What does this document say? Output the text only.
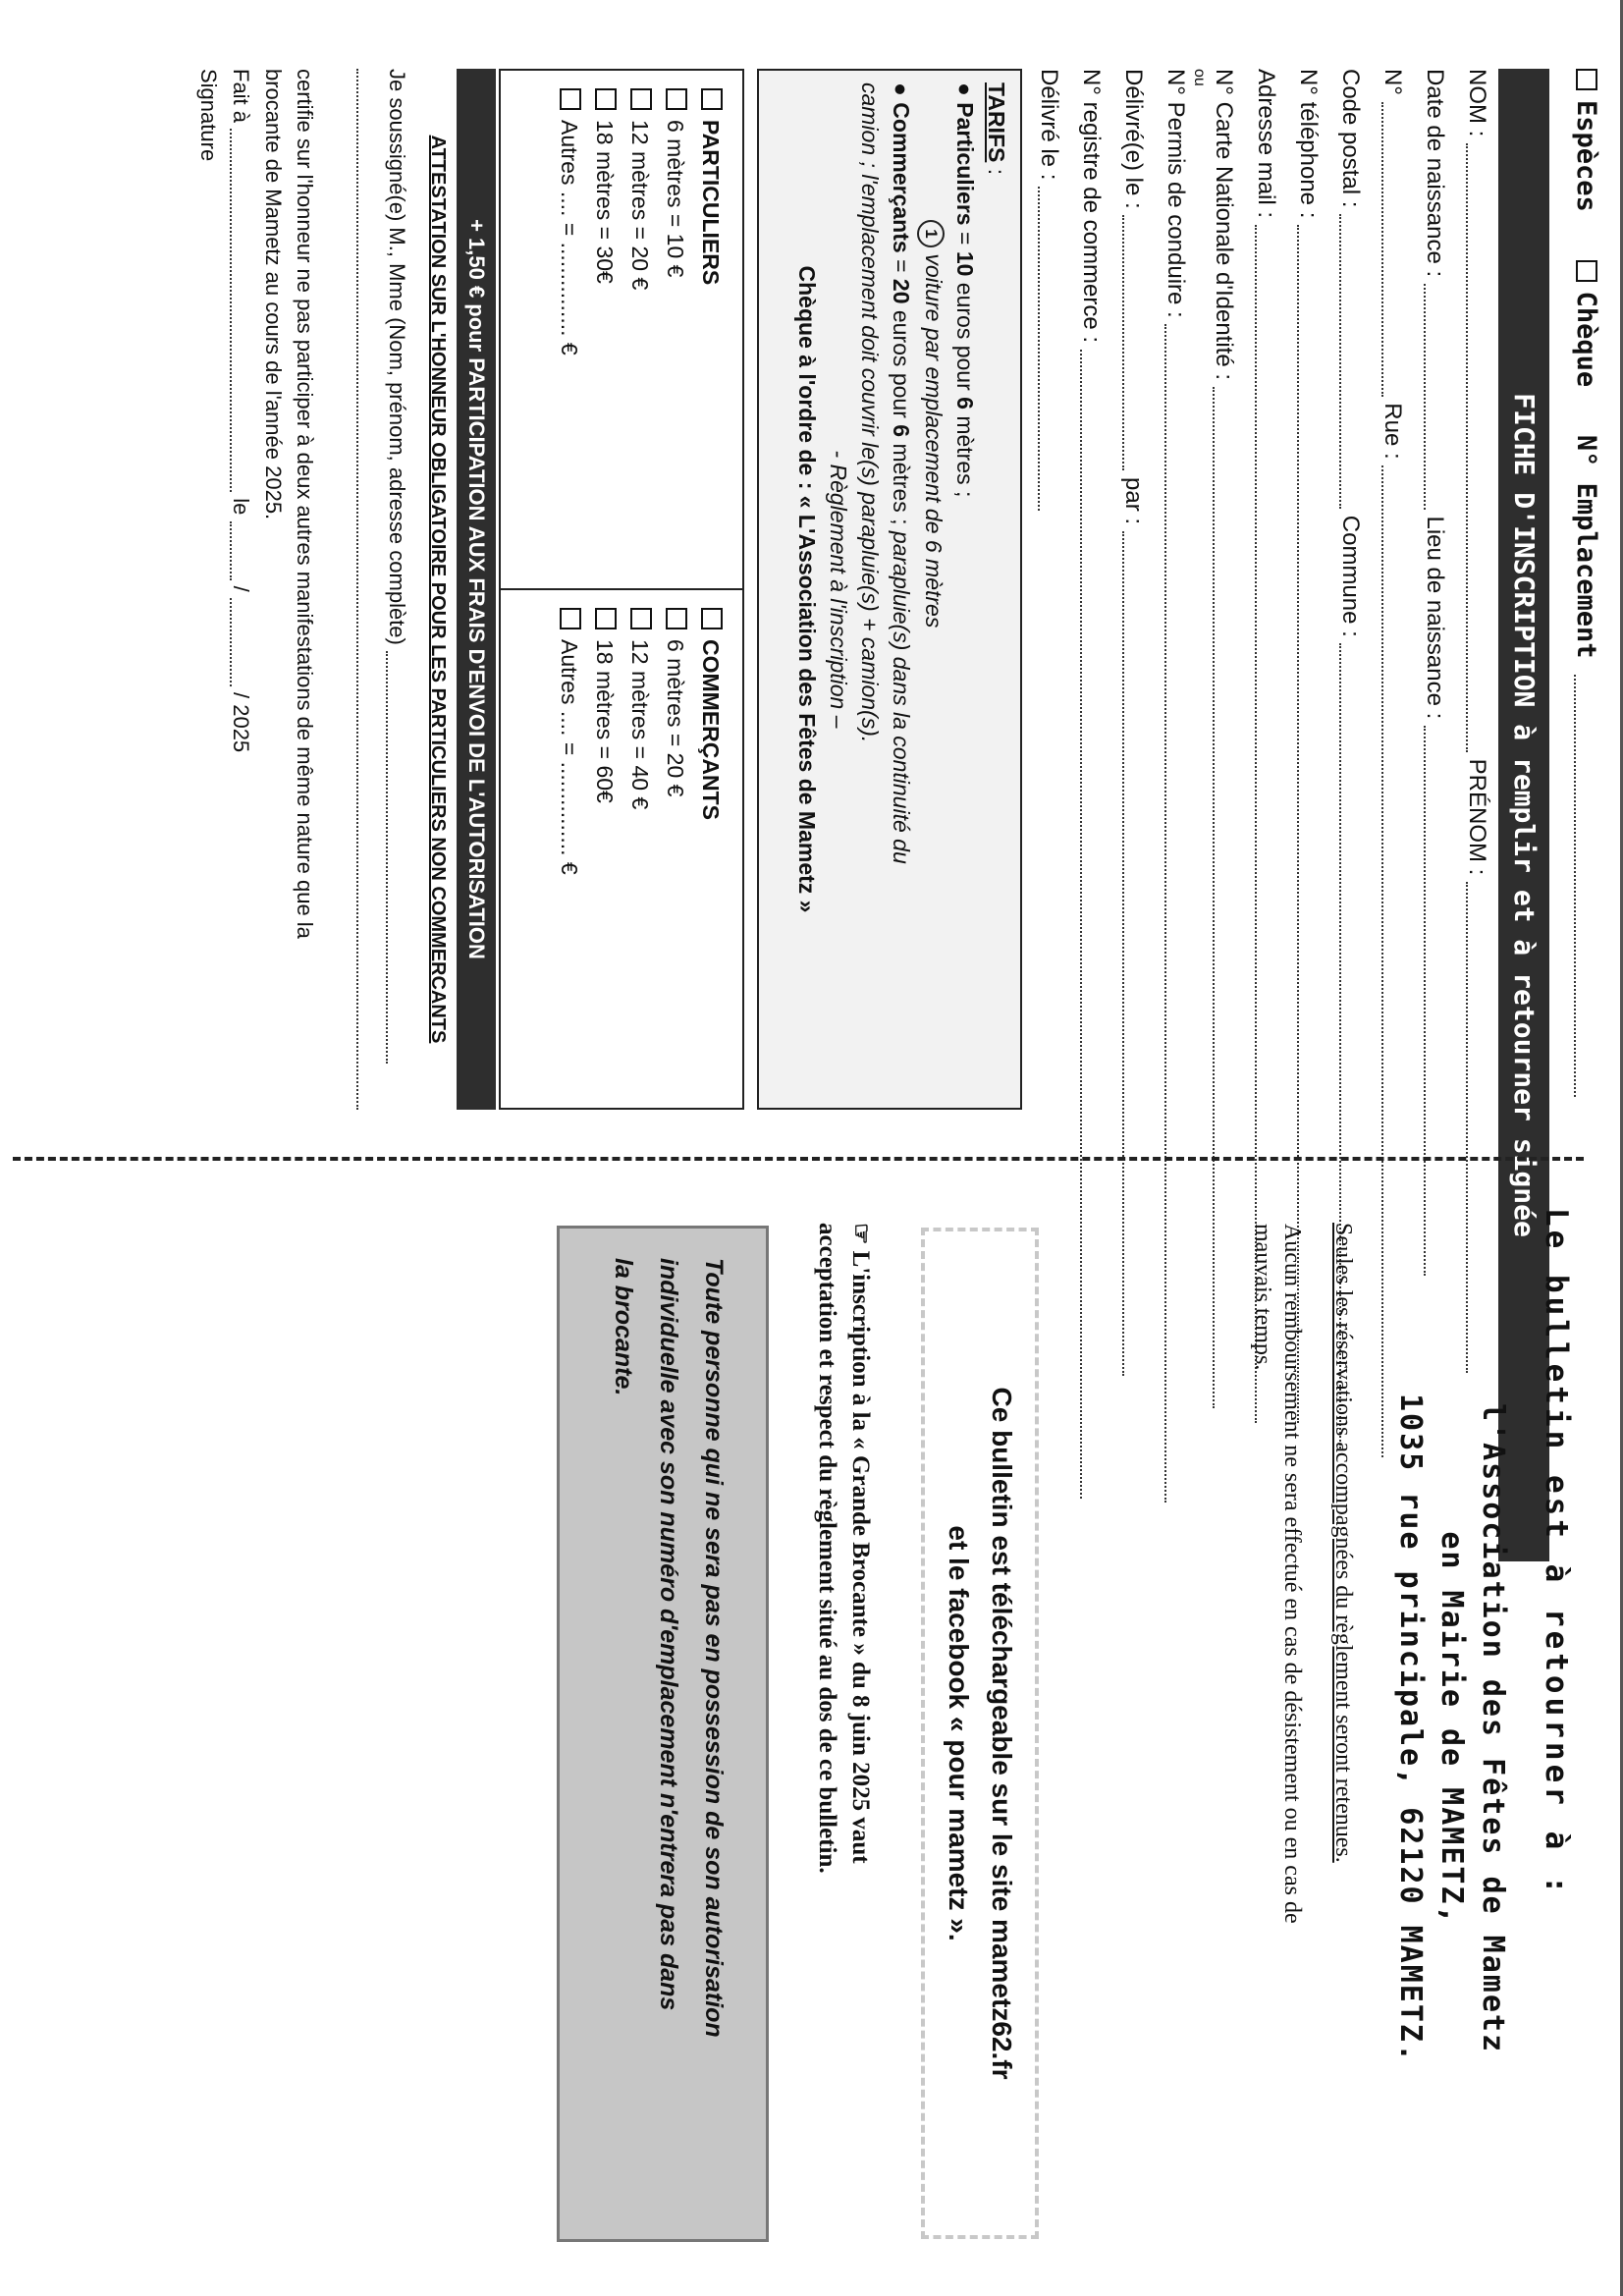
Espèces   Chèque   N° Emplacement
FICHE D'INSCRIPTION à remplir et à retourner signée
NOM :  PRÉNOM :
Date de naissance :  Lieu de naissance :
N°  Rue :
Code postal :  Commune :
N° téléphone :
Adresse mail :
N° Carte Nationale d'Identité :
ou
N° Permis de conduire :
Délivré(e) le :  par :
N° registre de commerce :
Délivré le :
TARIFS :
● Particuliers = 10 euros pour 6 mètres ;
1 voiture par emplacement de 6 mètres
● Commerçants = 20 euros pour 6 mètres ; parapluie(s) dans la continuité du
camion ; l'emplacement doit couvrir le(s) parapluie(s) + camion(s).
- Règlement à l'inscription –
Chèque à l'ordre de : « L'Association des Fêtes de Mametz »
PARTICULIERS
6 mètres = 10 €
12 mètres = 20 €
18 mètres = 30€
Autres .... = ............... €
COMMERÇANTS
6 mètres = 20 €
12 mètres = 40 €
18 mètres = 60€
Autres .... = ............... €
+ 1,50 € pour PARTICIPATION AUX FRAIS D'ENVOI DE L'AUTORISATION
ATTESTATION SUR L'HONNEUR OBLIGATOIRE POUR LES PARTICULIERS NON COMMERCANTS
Je soussigné(e) M., Mme (Nom, prénom, adresse complète)
certifie sur l'honneur ne pas participer à deux autres manifestations de même nature que la
brocante de Mametz au cours de l'année 2025.
Fait à  le  /  / 2025
Signature
Le bulletin est à retourner à :
l'Association des Fêtes de Mametz
en Mairie de MAMETZ,
1035 rue principale, 62120 MAMETZ.
Seules les réservations accompagnées du règlement seront retenues.
Aucun remboursement ne sera effectué en cas de désistement ou en cas de
mauvais temps.
Ce bulletin est téléchargeable sur le site mametz62.fr
et le facebook « pour mametz ».
☞ L'inscription à la « Grande Brocante » du 8 juin 2025 vaut
acceptation et respect du règlement situé au dos de ce bulletin.
Toute personne qui ne sera pas en possession de son autorisation
individuelle avec son numéro d'emplacement n'entrera pas dans
la brocante.
